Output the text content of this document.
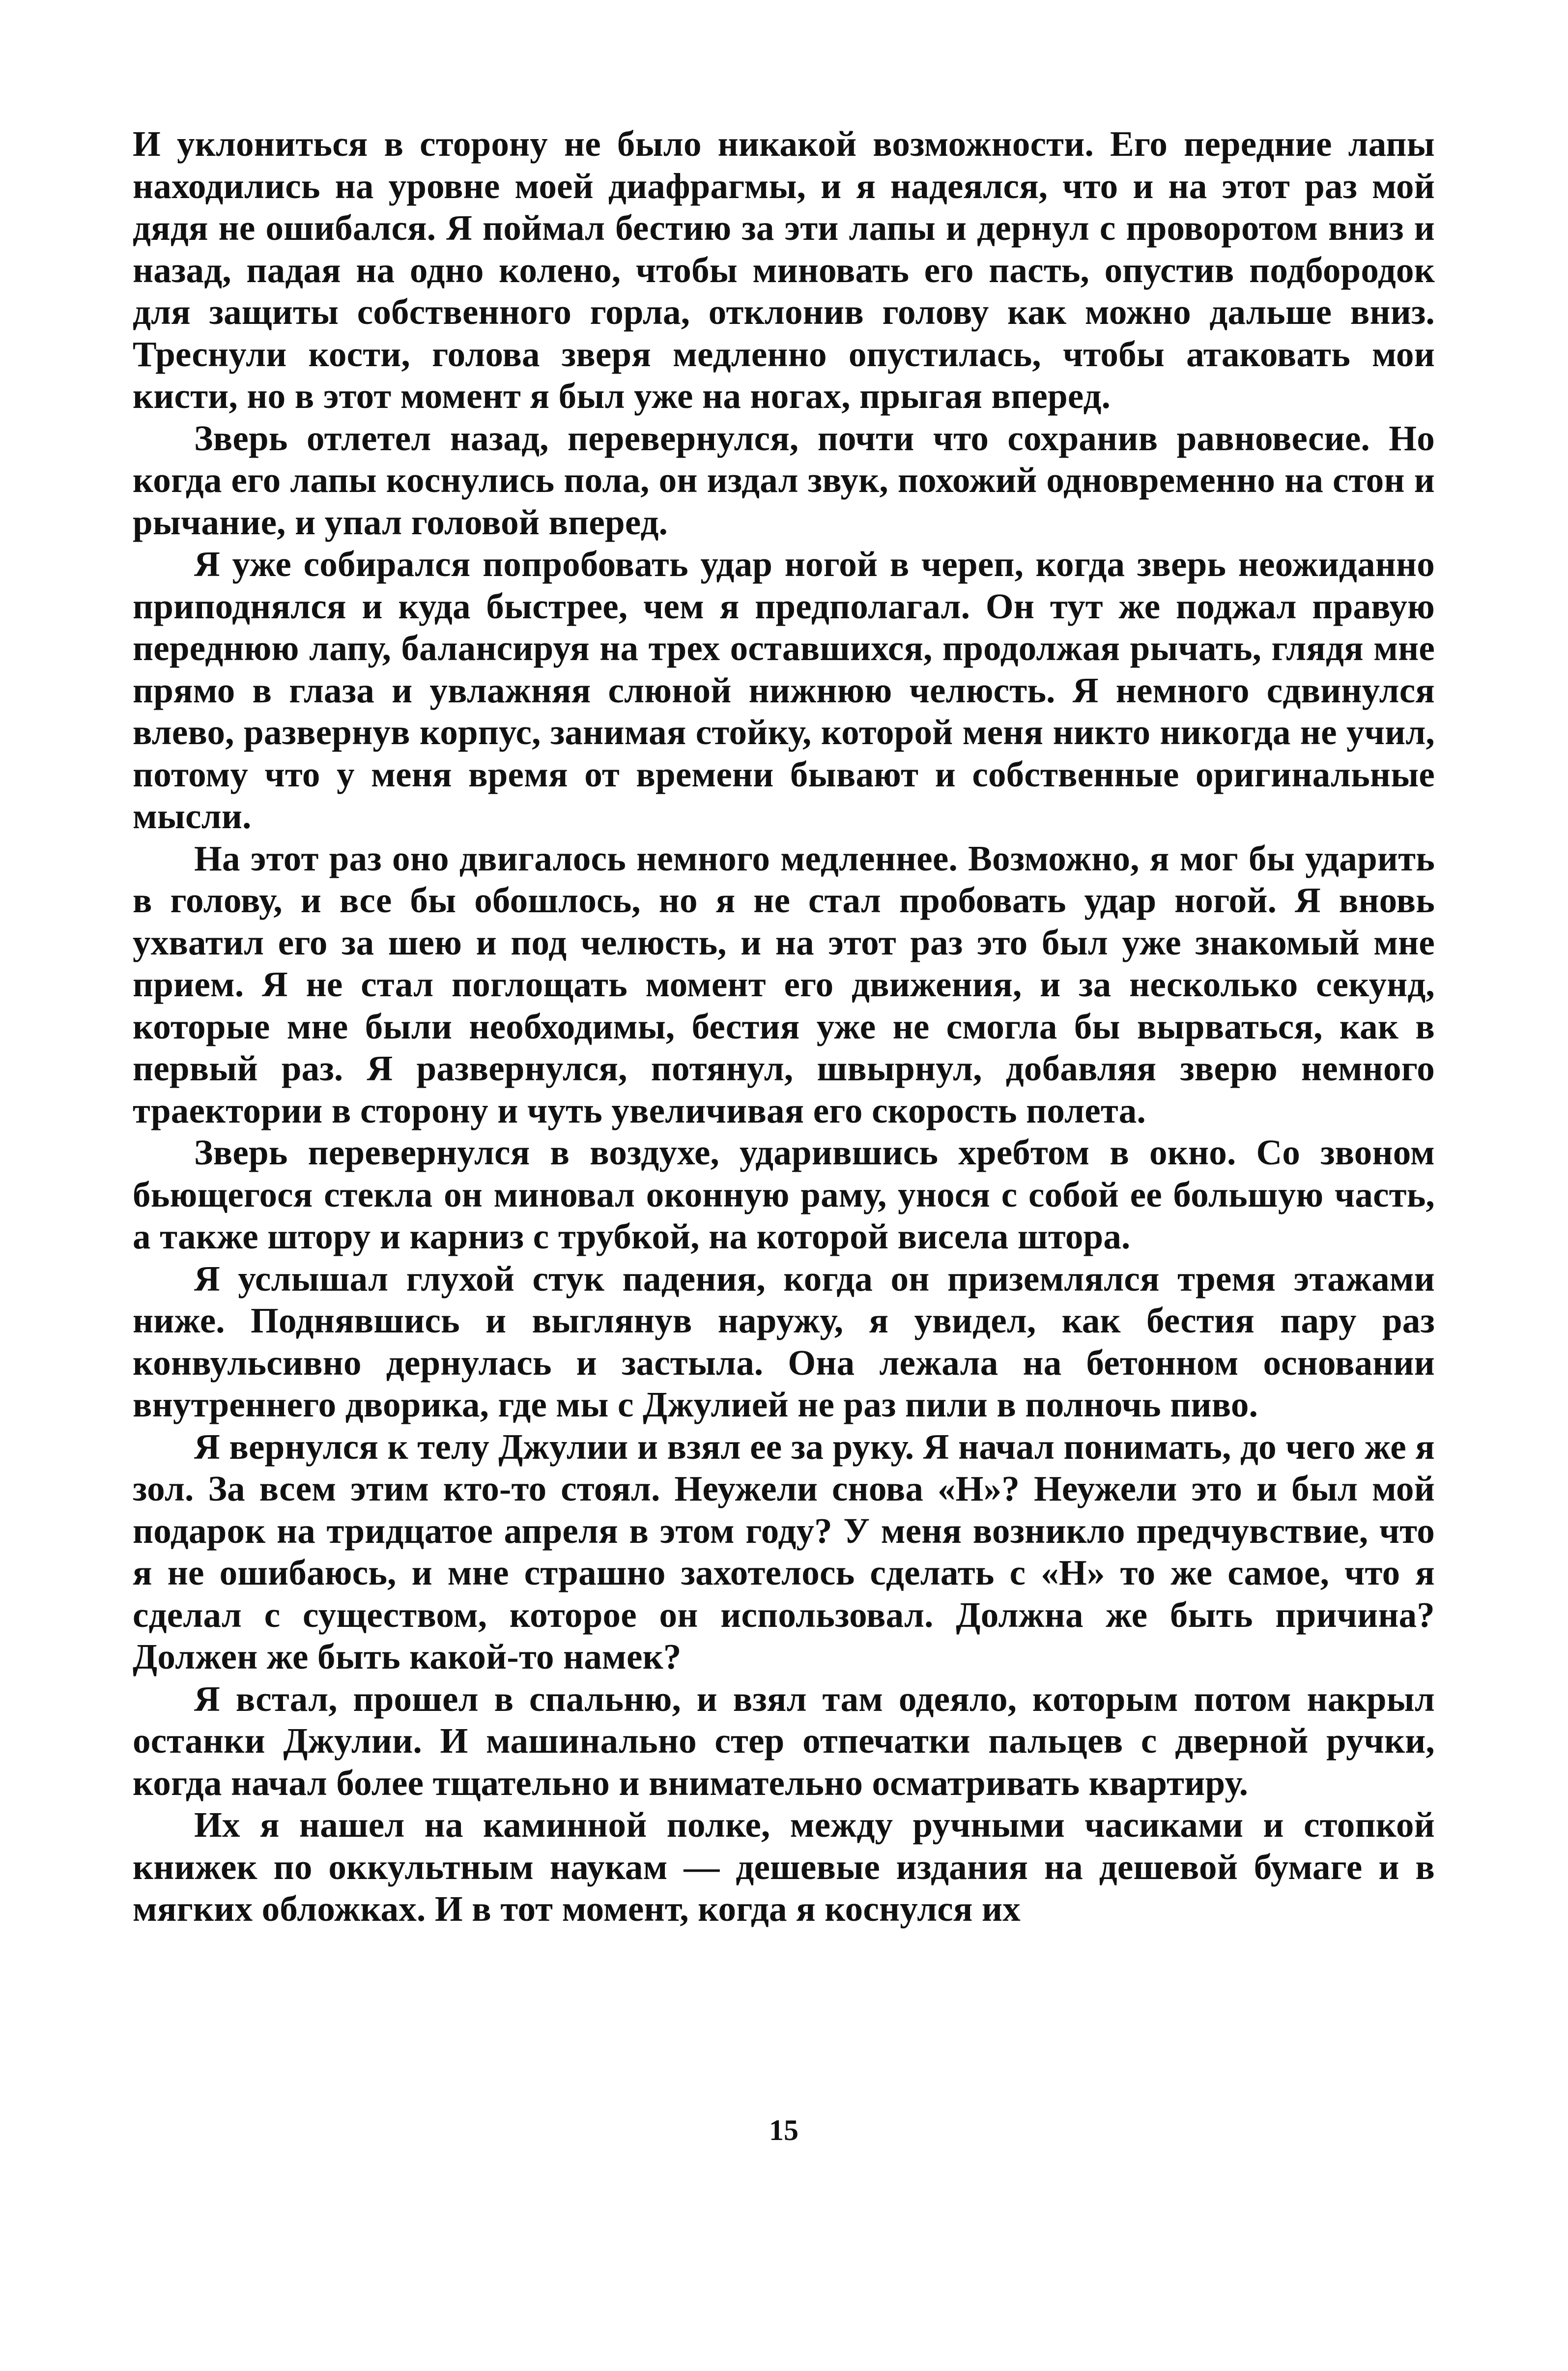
И уклониться в сторону не было никакой возможности. Его передние лапы находились на уровне моей диафрагмы, и я надеялся, что и на этот раз мой дядя не ошибался. Я поймал бестию за эти лапы и дернул с проворотом вниз и назад, падая на одно колено, чтобы миновать его пасть, опустив подбородок для защиты собственного горла, отклонив голову как можно дальше вниз. Треснули кости, голова зверя медленно опустилась, чтобы атаковать мои кисти, но в этот момент я был уже на ногах, прыгая вперед.

Зверь отлетел назад, перевернулся, почти что сохранив равновесие. Но когда его лапы коснулись пола, он издал звук, похожий одновременно на стон и рычание, и упал головой вперед.

Я уже собирался попробовать удар ногой в череп, когда зверь неожиданно приподнялся и куда быстрее, чем я предполагал. Он тут же поджал правую переднюю лапу, балансируя на трех оставшихся, продолжая рычать, глядя мне прямо в глаза и увлажняя слюной нижнюю челюсть. Я немного сдвинулся влево, развернув корпус, занимая стойку, которой меня никто никогда не учил, потому что у меня время от времени бывают и собственные оригинальные мысли.

На этот раз оно двигалось немного медленнее. Возможно, я мог бы ударить в голову, и все бы обошлось, но я не стал пробовать удар ногой. Я вновь ухватил его за шею и под челюсть, и на этот раз это был уже знакомый мне прием. Я не стал поглощать момент его движения, и за несколько секунд, которые мне были необходимы, бестия уже не смогла бы вырваться, как в первый раз. Я развернулся, потянул, швырнул, добавляя зверю немного траектории в сторону и чуть увеличивая его скорость полета.

Зверь перевернулся в воздухе, ударившись хребтом в окно. Со звоном бьющегося стекла он миновал оконную раму, унося с собой ее большую часть, а также штору и карниз с трубкой, на которой висела штора.

Я услышал глухой стук падения, когда он приземлялся тремя этажами ниже. Поднявшись и выглянув наружу, я увидел, как бестия пару раз конвульсивно дернулась и застыла. Она лежала на бетонном основании внутреннего дворика, где мы с Джулией не раз пили в полночь пиво.

Я вернулся к телу Джулии и взял ее за руку. Я начал понимать, до чего же я зол. За всем этим кто-то стоял. Неужели снова «Н»? Неужели это и был мой подарок на тридцатое апреля в этом году? У меня возникло предчувствие, что я не ошибаюсь, и мне страшно захотелось сделать с «Н» то же самое, что я сделал с существом, которое он использовал. Должна же быть причина? Должен же быть какой-то намек?

Я встал, прошел в спальню, и взял там одеяло, которым потом накрыл останки Джулии. И машинально стер отпечатки пальцев с дверной ручки, когда начал более тщательно и внимательно осматривать квартиру.

Их я нашел на каминной полке, между ручными часиками и стопкой книжек по оккультным наукам — дешевые издания на дешевой бумаге и в мягких обложках. И в тот момент, когда я коснулся их

15
